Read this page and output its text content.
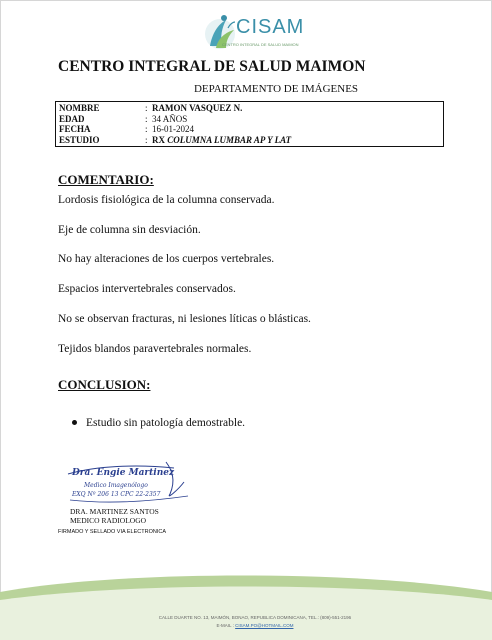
CISAM
CENTRO INTEGRAL DE SALUD MAIMON
CENTRO INTEGRAL DE SALUD MAIMON
DEPARTAMENTO DE IMÁGENES
NOMBRE	: RAMON VASQUEZ N.
EDAD	: 34 AÑOS
FECHA	: 16-01-2024
ESTUDIO	: RX COLUMNA LUMBAR AP Y LAT
COMENTARIO:
Lordosis fisiológica de la columna conservada.
Eje de columna sin desviación.
No hay alteraciones de los cuerpos vertebrales.
Espacios intervertebrales conservados.
No se observan fracturas, ni lesiones líticas o blásticas.
Tejidos blandos paravertebrales normales.
CONCLUSION:
Estudio sin patología demostrable.
Dra. Engie Martinez
Medico Imagenólogo
EXQ Nº 206 13 CPC 22-2357
DRA. MARTINEZ SANTOS
MEDICO RADIOLOGO
FIRMADO Y SELLADO VIA ELECTRONICA
CALLE DUARTE NO. 13, MAIMÓN, BONAO, REPUBLICA DOMINICANA, TEL.: (809)-551-2196
E-MAIL : CISAM.PO@HOTMAIL.COM
